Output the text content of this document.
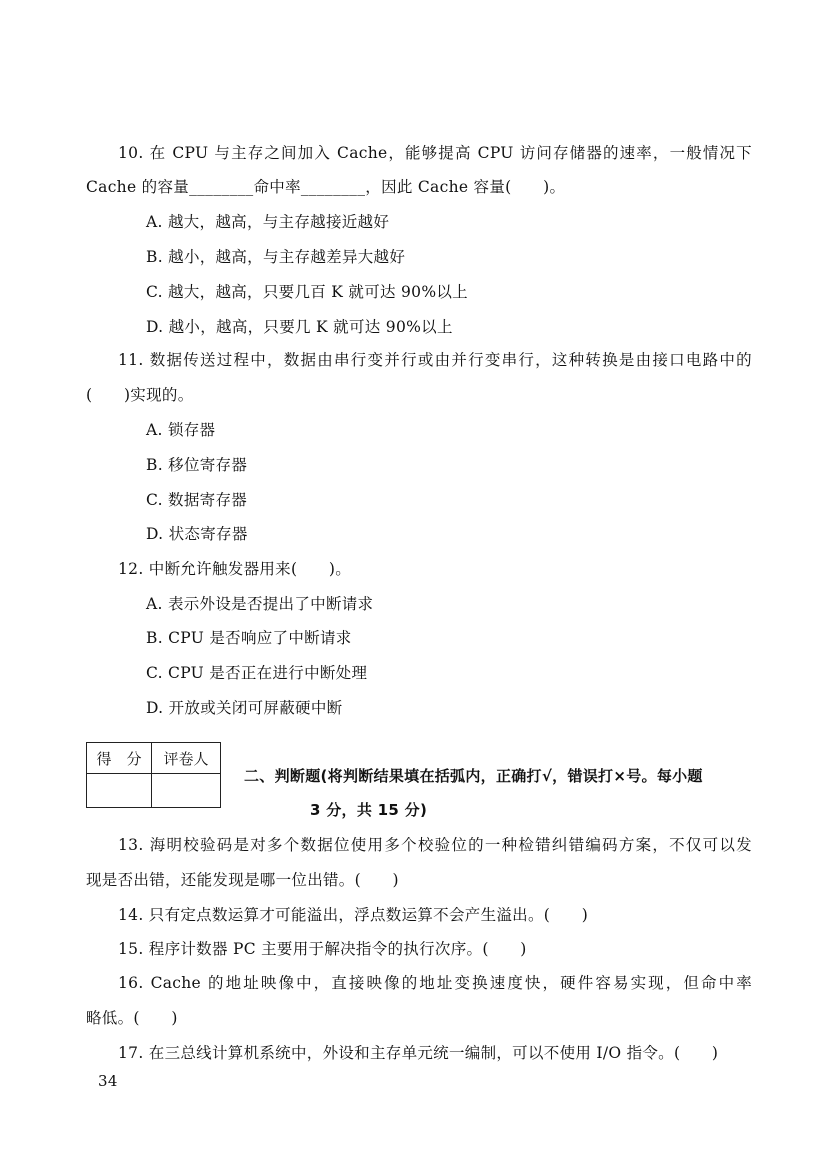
10. 在 CPU 与主存之间加入 Cache，能够提高 CPU 访问存储器的速率，一般情况下
Cache 的容量________命中率________，因此 Cache 容量(　　)。
A. 越大，越高，与主存越接近越好
B. 越小，越高，与主存越差异大越好
C. 越大，越高，只要几百 K 就可达 90%以上
D. 越小，越高，只要几 K 就可达 90%以上
11. 数据传送过程中，数据由串行变并行或由并行变串行，这种转换是由接口电路中的
(　　)实现的。
A. 锁存器
B. 移位寄存器
C. 数据寄存器
D. 状态寄存器
12. 中断允许触发器用来(　　)。
A. 表示外设是否提出了中断请求
B. CPU 是否响应了中断请求
C. CPU 是否正在进行中断处理
D. 开放或关闭可屏蔽硬中断
得　分	评卷人

二、判断题(将判断结果填在括弧内，正确打√，错误打×号。每小题
3 分，共 15 分)
13. 海明校验码是对多个数据位使用多个校验位的一种检错纠错编码方案，不仅可以发
现是否出错，还能发现是哪一位出错。(　　)
14. 只有定点数运算才可能溢出，浮点数运算不会产生溢出。(　　)
15. 程序计数器 PC 主要用于解决指令的执行次序。(　　)
16. Cache 的地址映像中，直接映像的地址变换速度快，硬件容易实现，但命中率
略低。(　　)
17. 在三总线计算机系统中，外设和主存单元统一编制，可以不使用 I/O 指令。(　　)
34
